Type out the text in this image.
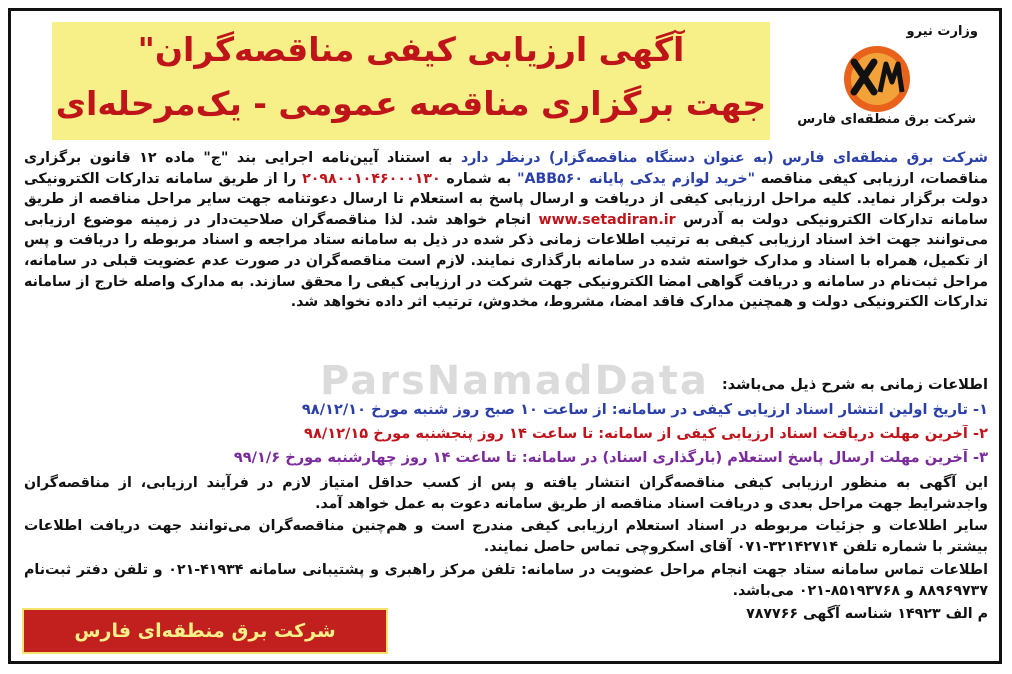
آگهی ارزیابی کیفی مناقصه‌گران"
جهت برگزاری مناقصه عمومی - یک‌مرحله‌ای
وزارت نیرو
شرکت برق منطقه‌ای فارس

شرکت برق منطقه‌ای فارس (به عنوان دستگاه مناقصه‌گزار) درنظر دارد به استناد آیین‌نامه اجرایی بند "ج" ماده ۱۲ قانون برگزاری مناقصات، ارزیابی کیفی مناقصه "خرید لوازم یدکی پایانه ABB۵۶۰" به شماره ۲۰۹۸۰۰۱۰۴۶۰۰۰۱۳۰ را از طریق سامانه تدارکات الکترونیکی دولت برگزار نماید. کلیه مراحل ارزیابی کیفی از دریافت و ارسال پاسخ به استعلام تا ارسال دعوتنامه جهت سایر مراحل مناقصه از طریق سامانه تدارکات الکترونیکی دولت به آدرس www.setadiran.ir انجام خواهد شد. لذا مناقصه‌گران صلاحیت‌دار در زمینه موضوع ارزیابی می‌توانند جهت اخذ اسناد ارزیابی کیفی به ترتیب اطلاعات زمانی ذکر شده در ذیل به سامانه ستاد مراجعه و اسناد مربوطه را دریافت و پس از تکمیل، همراه با اسناد و مدارک خواسته شده در سامانه بارگذاری نمایند. لازم است مناقصه‌گران در صورت عدم عضویت قبلی در سامانه، مراحل ثبت‌نام در سامانه و دریافت گواهی امضا الکترونیکی جهت شرکت در ارزیابی کیفی را محقق سازند. به مدارک واصله خارج از سامانه تدارکات الکترونیکی دولت و همچنین مدارک فاقد امضا، مشروط، مخدوش، ترتیب اثر داده نخواهد شد.

ParsNamadData اطلاعات زمانی به شرح ذیل می‌باشد:
۱- تاریخ اولین انتشار اسناد ارزیابی کیفی در سامانه: از ساعت ۱۰ صبح روز شنبه مورخ ۹۸/۱۲/۱۰
۲- آخرین مهلت دریافت اسناد ارزیابی کیفی از سامانه: تا ساعت ۱۴ روز پنجشنبه مورخ ۹۸/۱۲/۱۵
۳- آخرین مهلت ارسال پاسخ استعلام (بارگذاری اسناد) در سامانه: تا ساعت ۱۴ روز چهارشنبه مورخ ۹۹/۱/۶

این آگهی به منظور ارزیابی کیفی مناقصه‌گران انتشار یافته و پس از کسب حداقل امتیاز لازم در فرآیند ارزیابی، از مناقصه‌گران واجدشرایط جهت مراحل بعدی و دریافت اسناد مناقصه از طریق سامانه دعوت به عمل خواهد آمد.

سایر اطلاعات و جزئیات مربوطه در اسناد استعلام ارزیابی کیفی مندرج است و هم‌چنین مناقصه‌گران می‌توانند جهت دریافت اطلاعات بیشتر با شماره تلفن ۳۲۱۴۲۷۱۴-۰۷۱ آقای اسکروچی تماس حاصل نمایند.

اطلاعات تماس سامانه ستاد جهت انجام مراحل عضویت در سامانه: تلفن مرکز راهبری و پشتیبانی سامانه ۴۱۹۳۴-۰۲۱ و تلفن دفتر ثبت‌نام ۸۸۹۶۹۷۳۷ و ۸۵۱۹۳۷۶۸-۰۲۱ می‌باشد.

م الف ۱۴۹۲۳ شناسه آگهی ۷۸۷۷۶۶

شرکت برق منطقه‌ای فارس
